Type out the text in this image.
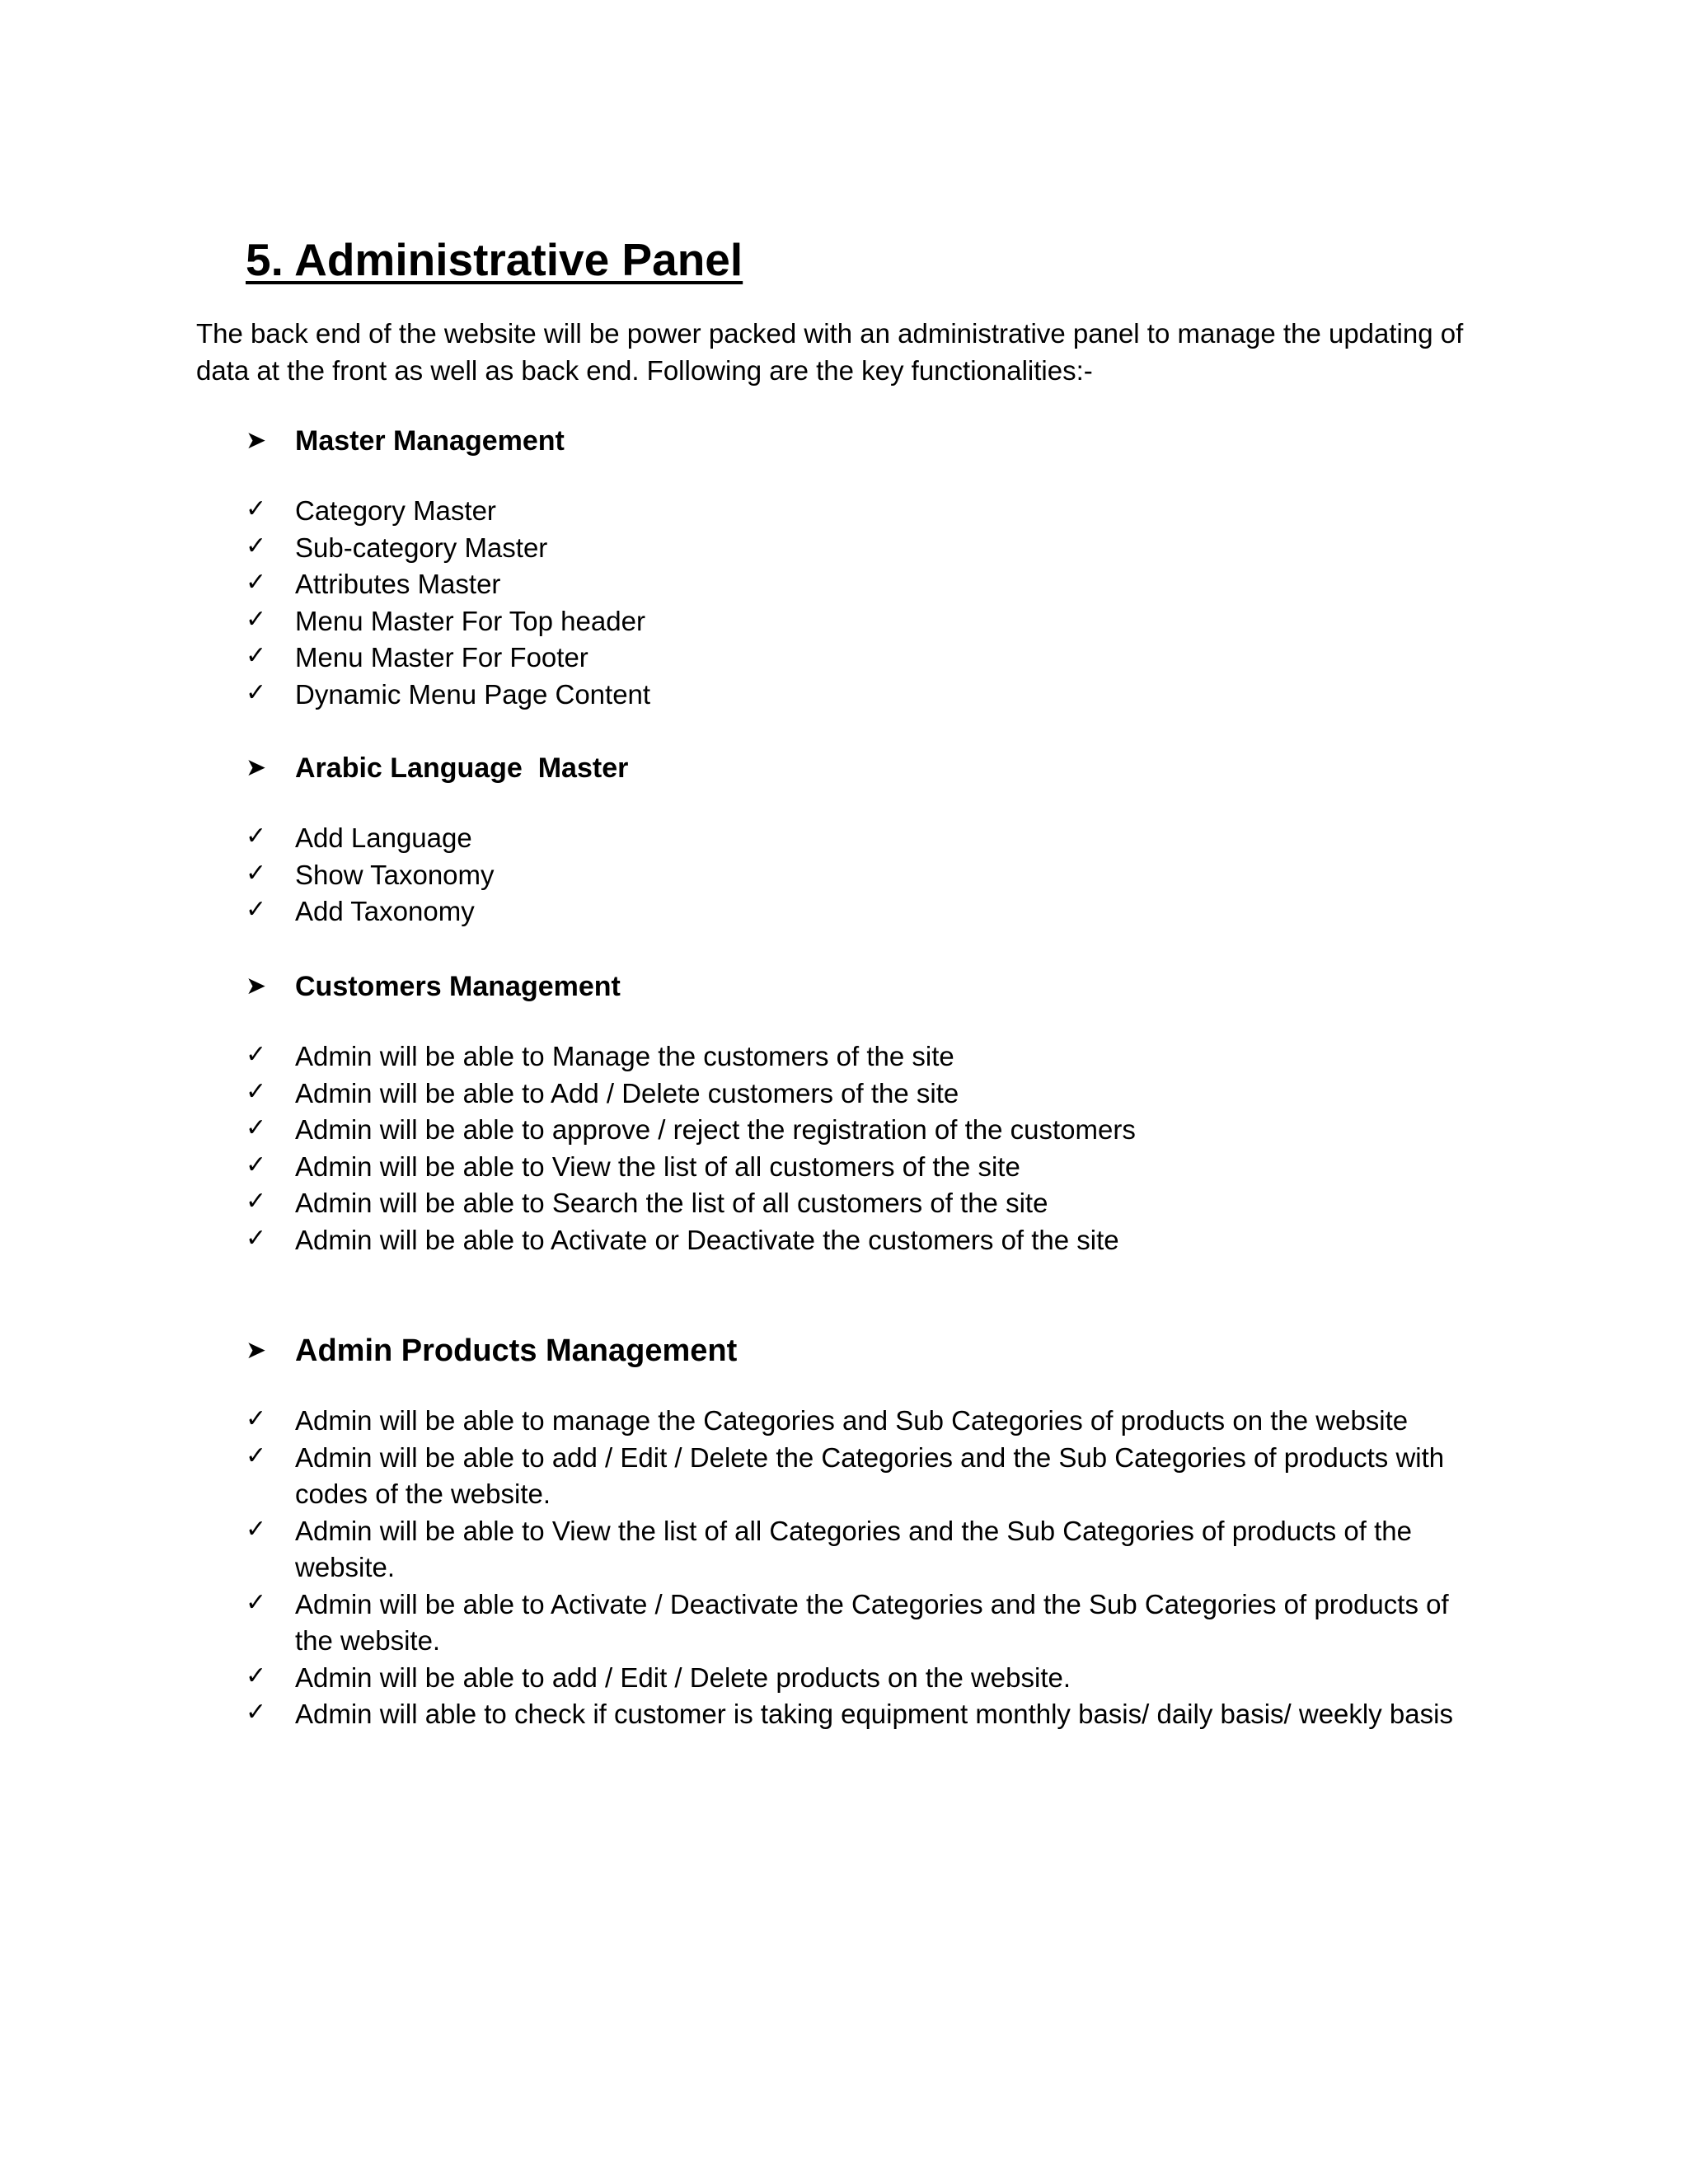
5. Administrative Panel

The back end of the website will be power packed with an administrative panel to manage the updating of data at the front as well as back end. Following are the key functionalities:-

➤	Master Management
✓	Category Master
✓	Sub-category Master
✓	Attributes Master
✓	Menu Master For Top header
✓	Menu Master For Footer
✓	Dynamic Menu Page Content
➤	Arabic Language  Master
✓	Add Language
✓	Show Taxonomy
✓	Add Taxonomy
➤	Customers Management
✓	Admin will be able to Manage the customers of the site
✓	Admin will be able to Add / Delete customers of the site
✓	Admin will be able to approve / reject the registration of the customers
✓	Admin will be able to View the list of all customers of the site
✓	Admin will be able to Search the list of all customers of the site
✓	Admin will be able to Activate or Deactivate the customers of the site
➤ Admin Products Management
✓	Admin will be able to manage the Categories and Sub Categories of products on the website
✓	Admin will be able to add / Edit / Delete the Categories and the Sub Categories of products with codes of the website.
✓	Admin will be able to View the list of all Categories and the Sub Categories of products of the website.
✓	Admin will be able to Activate / Deactivate the Categories and the Sub Categories of products of the website.
✓	Admin will be able to add / Edit / Delete products on the website.
✓	Admin will able to check if customer is taking equipment monthly basis/ daily basis/ weekly basis
